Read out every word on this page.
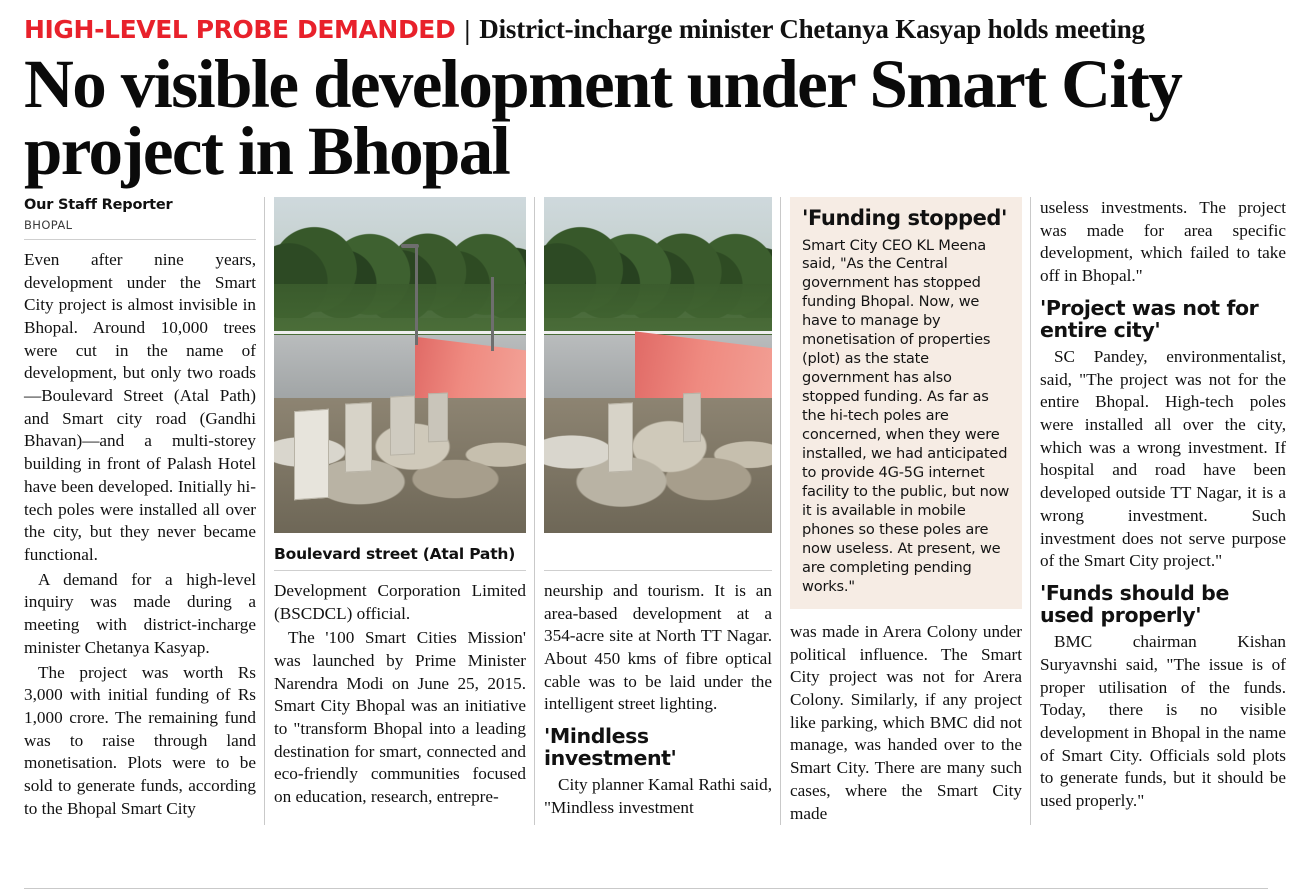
HIGH-LEVEL PROBE DEMANDED | District-incharge minister Chetanya Kasyap holds meeting
No visible development under Smart City project in Bhopal
Our Staff Reporter
BHOPAL

Even after nine years, development under the Smart City project is almost invisible in Bhopal. Around 10,000 trees were cut in the name of development, but only two roads—Boulevard Street (Atal Path) and Smart city road (Gandhi Bhavan)—and a multi-storey building in front of Palash Hotel have been developed. Initially hi-tech poles were installed all over the city, but they never became functional.

A demand for a high-level inquiry was made during a meeting with district-incharge minister Chetanya Kasyap.

The project was worth Rs 3,000 with initial funding of Rs 1,000 crore. The remaining fund was to raise through land monetisation. Plots were to be sold to generate funds, according to the Bhopal Smart City

Boulevard street (Atal Path)

Development Corporation Limited (BSCDCL) official.

The '100 Smart Cities Mission' was launched by Prime Minister Narendra Modi on June 25, 2015. Smart City Bhopal was an initiative to "transform Bhopal into a leading destination for smart, connected and eco-friendly communities focused on education, research, entrepre-

neurship and tourism. It is an area-based development at a 354-acre site at North TT Nagar. About 450 kms of fibre optical cable was to be laid under the intelligent street lighting.

'Mindless investment'

City planner Kamal Rathi said, "Mindless investment

'Funding stopped'

Smart City CEO KL Meena said, "As the Central government has stopped funding Bhopal. Now, we have to manage by monetisation of properties (plot) as the state government has also stopped funding. As far as the hi-tech poles are concerned, when they were installed, we had anticipated to provide 4G-5G internet facility to the public, but now it is available in mobile phones so these poles are now useless. At present, we are completing pending works."

was made in Arera Colony under political influence. The Smart City project was not for Arera Colony. Similarly, if any project like parking, which BMC did not manage, was handed over to the Smart City. There are many such cases, where the Smart City made

useless investments. The project was made for area specific development, which failed to take off in Bhopal."

'Project was not for entire city'

SC Pandey, environmentalist, said, "The project was not for the entire Bhopal. High-tech poles were installed all over the city, which was a wrong investment. If hospital and road have been developed outside TT Nagar, it is a wrong investment. Such investment does not serve purpose of the Smart City project."

'Funds should be used properly'

BMC chairman Kishan Suryavnshi said, "The issue is of proper utilisation of the funds. Today, there is no visible development in Bhopal in the name of Smart City. Officials sold plots to generate funds, but it should be used properly."
